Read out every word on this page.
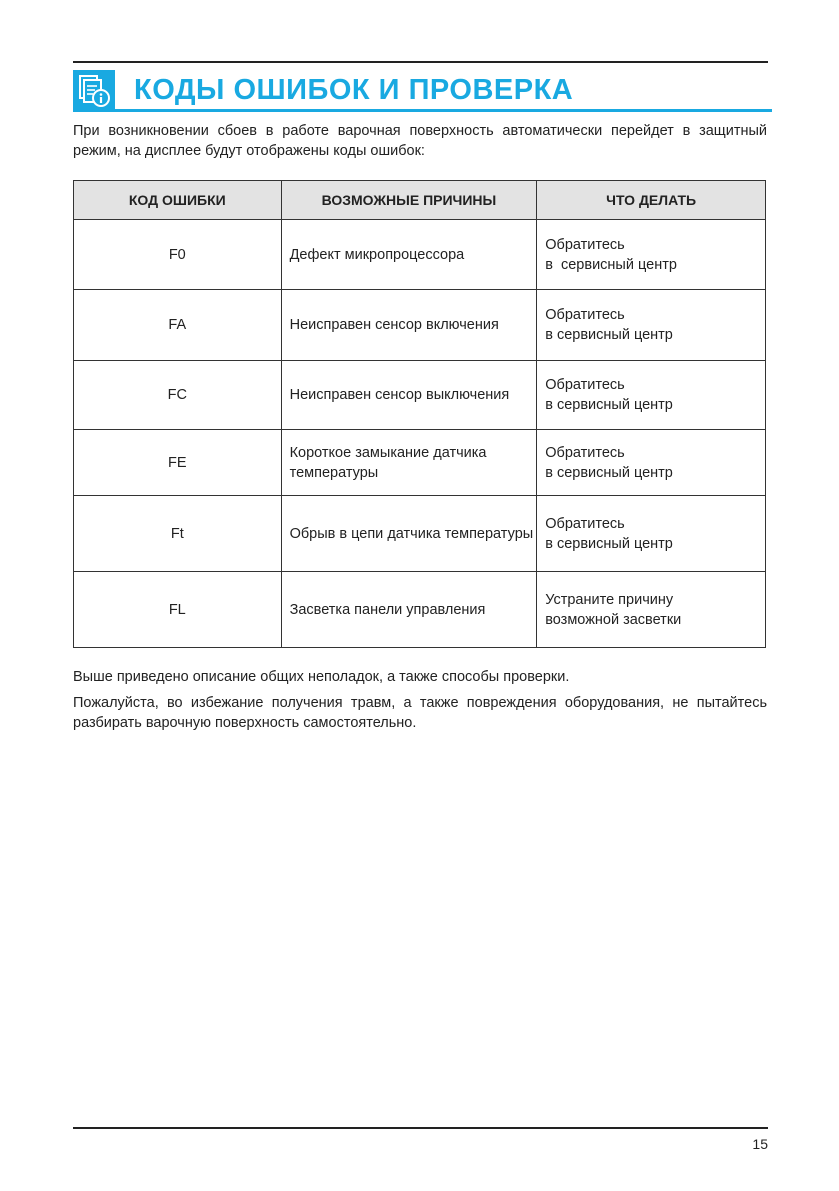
КОДЫ ОШИБОК И ПРОВЕРКА
При возникновении сбоев в работе варочная поверхность автоматически перейдет в защитный режим, на дисплее будут отображены коды ошибок:
КОД ОШИБКИ	ВОЗМОЖНЫЕ ПРИЧИНЫ	ЧТО ДЕЛАТЬ
F0	Дефект микропроцессора	Обратитесь
в  сервисный центр
FA	Неисправен сенсор включения	Обратитесь
в сервисный центр
FC	Неисправен сенсор выключения	Обратитесь
в сервисный центр
FE	Короткое замыкание датчика температуры	Обратитесь
в сервисный центр
Ft	Обрыв в цепи датчика температуры	Обратитесь
в сервисный центр
FL	Засветка панели управления	Устраните причину
возможной засветки

Выше приведено описание общих неполадок, а также способы проверки.

Пожалуйста, во избежание получения травм, а также повреждения оборудования, не пытайтесь разбирать варочную поверхность самостоятельно.

15
